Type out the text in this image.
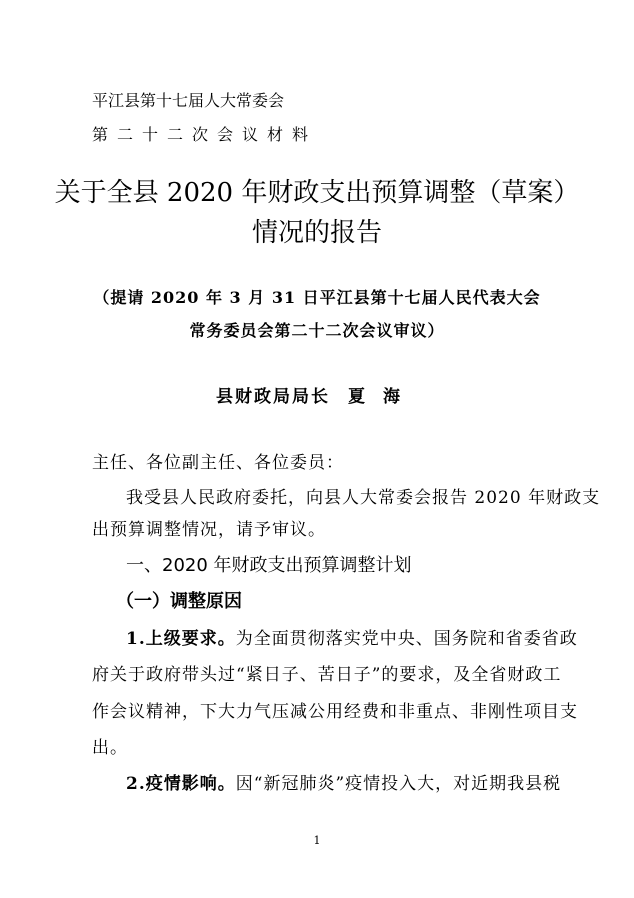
平江县第十七届人大常委会
第二十二次会议材料
关于全县 2020 年财政支出预算调整（草案）
情况的报告
（提请 2020 年 3 月 31 日平江县第十七届人民代表大会
常务委员会第二十二次会议审议）
县财政局局长 夏海
主任、各位副主任、各位委员：
我受县人民政府委托，向县人大常委会报告 2020 年财政支
出预算调整情况，请予审议。
一、2020 年财政支出预算调整计划
（一）调整原因
1.上级要求。为全面贯彻落实党中央、国务院和省委省政
府关于政府带头过“紧日子、苦日子”的要求，及全省财政工
作会议精神，下大力气压减公用经费和非重点、非刚性项目支
出。
2.疫情影响。因“新冠肺炎”疫情投入大，对近期我县税
1
